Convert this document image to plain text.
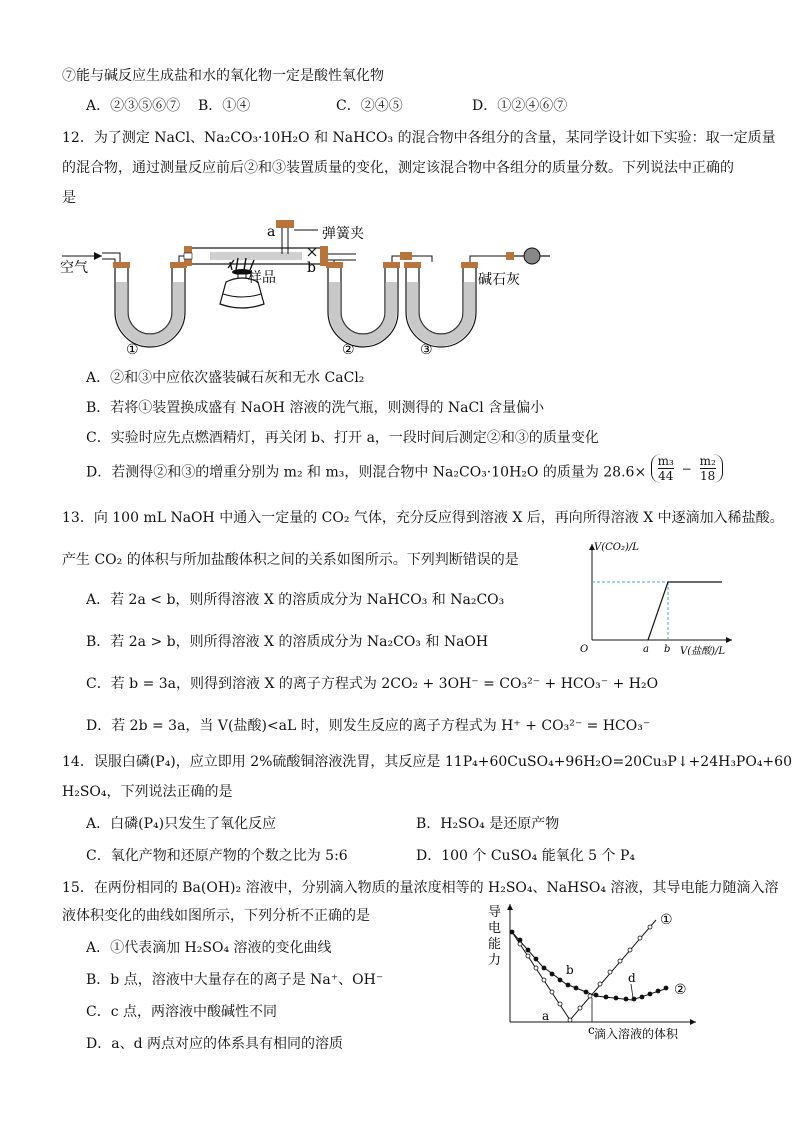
⑦能与碱反应生成盐和水的氧化物一定是酸性氧化物
A．②③⑤⑥⑦ B．①④	C．②④⑤	D．①②④⑥⑦
12．为了测定 NaCl、Na₂CO₃·10H₂O 和 NaHCO₃ 的混合物中各组分的含量，某同学设计如下实验：取一定质量
的混合物，通过测量反应前后②和③装置质量的变化，测定该混合物中各组分的质量分数。下列说法中正确的
是
空气
样品
a	弹簧夹
b
碱石灰
①	②	③
A．②和③中应依次盛装碱石灰和无水 CaCl₂
B．若将①装置换成盛有 NaOH 溶液的洗气瓶，则测得的 NaCl 含量偏小
C．实验时应先点燃酒精灯，再关闭 b、打开 a，一段时间后测定②和③的质量变化
D．若测得②和③的增重分别为 m₂ 和 m₃，则混合物中 Na₂CO₃·10H₂O 的质量为 $28.6\times \frac{\text{m₃}}{44} - \frac{\text{m₂}}{18}$
13．向 100 mL NaOH 中通入一定量的 CO₂ 气体，充分反应得到溶液 X 后，再向所得溶液 X 中逐滴加入稀盐酸。
产生 CO₂ 的体积与所加盐酸体积之间的关系如图所示。下列判断错误的是
A．若 2a < b，则所得溶液 X 的溶质成分为 NaHCO₃ 和 Na₂CO₃
B．若 2a > b，则所得溶液 X 的溶质成分为 Na₂CO₃ 和 NaOH
C．若 b = 3a，则得到溶液 X 的离子方程式为 2CO₂ + 3OH⁻ = CO₃²⁻ + HCO₃⁻ + H₂O
D．若 2b = 3a，当 V(盐酸)<aL 时，则发生反应的离子方程式为 H⁺ + CO₃²⁻ = HCO₃⁻
V(CO₂)/L
V(盐酸)/L
O	a b
14．误服白磷(P₄)，应立即用 2%硫酸铜溶液洗胃，其反应是 11P₄+60CuSO₄+96H₂O=20Cu₃P↓+24H₃PO₄+60
H₂SO₄，下列说法正确的是
A．白磷(P₄)只发生了氧化反应	B．H₂SO₄ 是还原产物
C．氧化产物和还原产物的个数之比为 5:6	D．100 个 CuSO₄ 能氧化 5 个 P₄
15．在两份相同的 Ba(OH)₂ 溶液中，分别滴入物质的量浓度相等的 H₂SO₄、NaHSO₄ 溶液，其导电能力随滴入溶
液体积变化的曲线如图所示，下列分析不正确的是
A．①代表滴加 H₂SO₄ 溶液的变化曲线
B．b 点，溶液中大量存在的离子是 Na⁺、OH⁻
C．c 点，两溶液中酸碱性不同
D．a、d 两点对应的体系具有相同的溶质
导
电
能
力
滴入溶液的体积
①
②
a
b
c
d
